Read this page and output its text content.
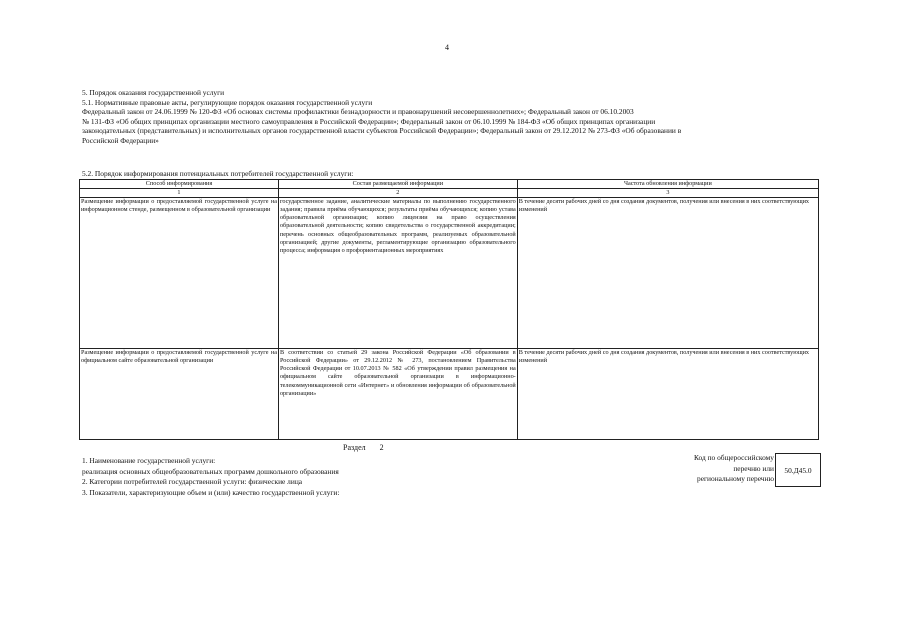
4
5. Порядок оказания государственной услуги
5.1. Нормативные правовые акты, регулирующие порядок оказания государственной услуги
Федеральный закон от 24.06.1999 № 120-ФЗ «Об основах системы профилактики безнадзорности и правонарушений несовершеннолетних»; Федеральный закон от 06.10.2003
№ 131-ФЗ «Об общих принципах организации местного самоуправления в Российской Федерации»; Федеральный закон от 06.10.1999 № 184-ФЗ «Об общих принципах организации
законодательных (представительных) и исполнительных органов государственной власти субъектов Российской Федерации»; Федеральный закон от 29.12.2012 № 273-ФЗ «Об образовании в
Российской Федерации»
5.2. Порядок информирования потенциальных потребителей государственной услуги:
Способ информирования	Состав размещаемой информации	Частота обновления информации
1	2	3
Размещение информации о предоставляемой государственной услуге на информационном стенде, размещенном в образовательной организации	государственное задание, аналитические материалы по выполнению государственного задания; правила приёма обучающихся; результаты приёма обучающихся; копию устава образовательной организации; копию лицензии на право осуществления образовательной деятельности; копию свидетельства о государственной аккредитации; перечень основных общеобразовательных программ, реализуемых образовательной организацией; другие документы, регламентирующие организацию образовательного процесса; информация о профориентационных мероприятиях	В течение десяти рабочих дней со дня создания документов, получения или внесения в них соответствующих изменений
Размещение информации о предоставляемой государственной услуге на официальном сайте образовательной организации	В соответствии со статьей 29 закона Российской Федерации «Об образовании в Российской Федерации» от 29.12.2012 № 273, постановлением Правительства Российской Федерации от 10.07.2013 № 582 «Об утверждении правил размещения на официальном сайте образовательной организации в информационно-телекоммуникационной сети «Интернет» и обновления информации об образовательной организации»	В течение десяти рабочих дней со дня создания документов, получения или внесения в них соответствующих изменений
Раздел 2
1. Наименование государственной услуги:
реализация основных общеобразовательных программ дошкольного образования
2. Категории потребителей государственной услуги: физические лица
3. Показатели, характеризующие объем и (или) качество государственной услуги:
Код по общероссийскому
перечню или
региональному перечню
50.Д45.0
